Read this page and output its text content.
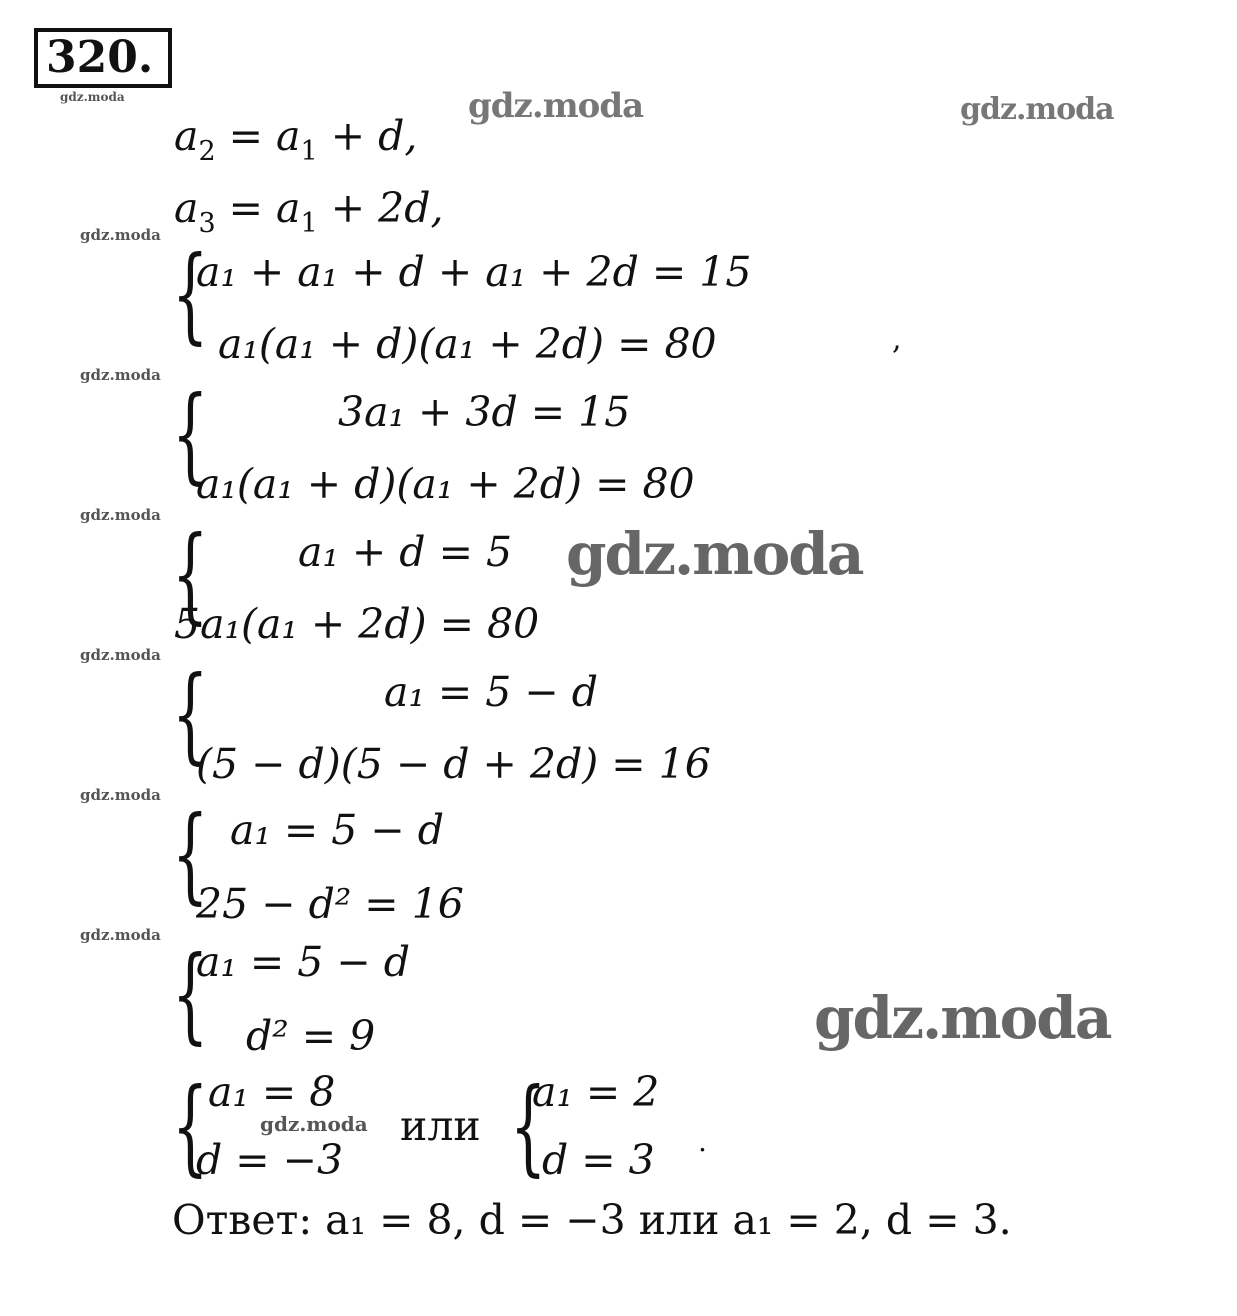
320.
gdz.moda	gdz.moda	gdz.moda
gdz.moda
gdz.moda
gdz.moda
gdz.moda
gdz.moda
gdz.moda
gdz.moda
gdz.moda
gdz.moda
$a_2 = a_1 + d$,
$a_3 = a_1 + 2d$,
{
a₁ + a₁ + d + a₁ + 2d = 15
a₁(a₁ + d)(a₁ + 2d) = 80	,
{	3a₁ + 3d = 15
a₁(a₁ + d)(a₁ + 2d) = 80
{ a₁ + d = 5
5a₁(a₁ + 2d) = 80
{	a₁ = 5 − d
(5 − d)(5 − d + 2d) = 16
{ a₁ = 5 − d
25 − d² = 16
{
a₁ = 5 − d
d² = 9
{ a₁ = 8
d = −3
или {
a₁ = 2
d = 3 .
Ответ: a₁ = 8, d = −3 или a₁ = 2, d = 3.
